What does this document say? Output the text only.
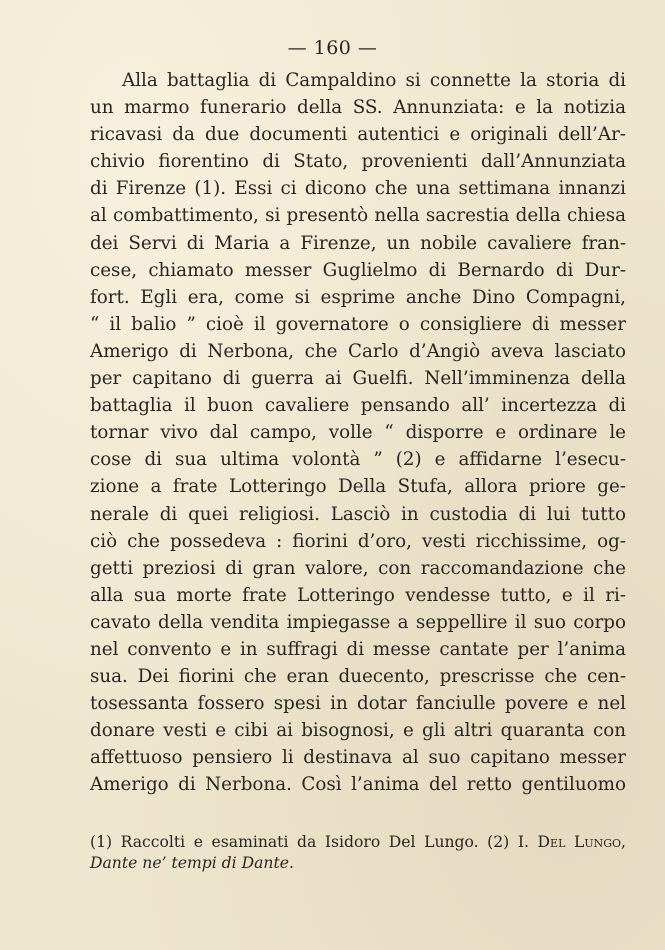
— 160 —
Alla battaglia di Campaldino si connette la storia di
un marmo funerario della SS. Annunziata: e la notizia
ricavasi da due documenti autentici e originali dell’Ar-
chivio fiorentino di Stato, provenienti dall’Annunziata
di Firenze (1). Essi ci dicono che una settimana innanzi
al combattimento, si presentò nella sacrestia della chiesa
dei Servi di Maria a Firenze, un nobile cavaliere fran-
cese, chiamato messer Guglielmo di Bernardo di Dur-
fort. Egli era, come si esprime anche Dino Compagni,
“ il balio ” cioè il governatore o consigliere di messer
Amerigo di Nerbona, che Carlo d’Angiò aveva lasciato
per capitano di guerra ai Guelfi. Nell’imminenza della
battaglia il buon cavaliere pensando all’ incertezza di
tornar vivo dal campo, volle “ disporre e ordinare le
cose di sua ultima volontà ” (2) e affidarne l’esecu-
zione a frate Lotteringo Della Stufa, allora priore ge-
nerale di quei religiosi. Lasciò in custodia di lui tutto
ciò che possedeva : fiorini d’oro, vesti ricchissime, og-
getti preziosi di gran valore, con raccomandazione che
alla sua morte frate Lotteringo vendesse tutto, e il ri-
cavato della vendita impiegasse a seppellire il suo corpo
nel convento e in suffragi di messe cantate per l’anima
sua. Dei fiorini che eran duecento, prescrisse che cen-
tosessanta fossero spesi in dotar fanciulle povere e nel
donare vesti e cibi ai bisognosi, e gli altri quaranta con
affettuoso pensiero li destinava al suo capitano messer
Amerigo di Nerbona. Così l’anima del retto gentiluomo
(1) Raccolti e esaminati da Isidoro Del Lungo. (2) I. Del Lungo,
Dante ne’ tempi di Dante.
